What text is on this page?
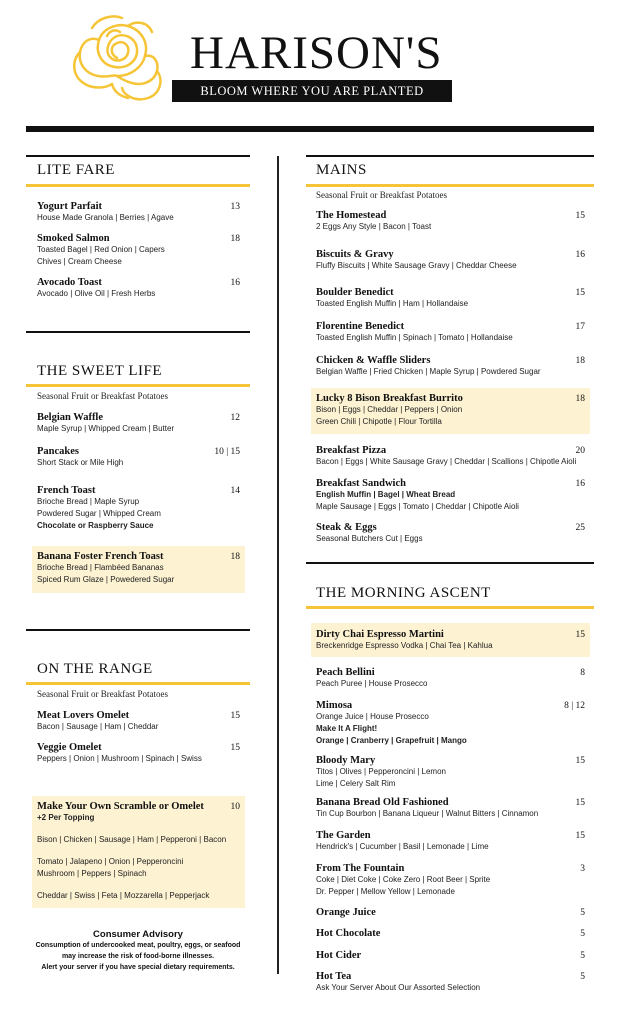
HARISON'S
BLOOM WHERE YOU ARE PLANTED
LITE FARE
Yogurt Parfait
House Made Granola | Berries | Agave
13
Smoked Salmon
Toasted Bagel | Red Onion | Capers
Chives | Cream Cheese
18
Avocado Toast
Avocado | Olive Oil | Fresh Herbs
16
THE SWEET LIFE
Seasonal Fruit or Breakfast Potatoes
Belgian Waffle
Maple Syrup | Whipped Cream | Butter
12
Pancakes
Short Stack or Mile High
10 | 15
French Toast
Brioche Bread | Maple Syrup
Powdered Sugar | Whipped Cream
Chocolate or Raspberry Sauce
14
Banana Foster French Toast
Brioche Bread | Flambéed Bananas
Spiced Rum Glaze | Powedered Sugar
18
ON THE RANGE
Seasonal Fruit or Breakfast Potatoes
Meat Lovers Omelet
Bacon | Sausage | Ham | Cheddar
15
Veggie Omelet
Peppers | Onion | Mushroom | Spinach | Swiss
15
Make Your Own Scramble or Omelet
+2 Per Topping
Bison | Chicken | Sausage | Ham | Pepperoni | Bacon
Tomato | Jalapeno | Onion | Pepperoncini
Mushroom | Peppers | Spinach
Cheddar | Swiss | Feta | Mozzarella | Pepperjack
10
Consumer Advisory
Consumption of undercooked meat, poultry, eggs, or seafood
may increase the risk of food-borne illnesses.
Alert your server if you have special dietary requirements.
MAINS
Seasonal Fruit or Breakfast Potatoes
The Homestead
2 Eggs Any Style | Bacon | Toast
15
Biscuits & Gravy
Fluffy Biscuits | White Sausage Gravy | Cheddar Cheese
16
Boulder Benedict
Toasted English Muffin | Ham | Hollandaise
15
Florentine Benedict
Toasted English Muffin | Spinach | Tomato | Hollandaise
17
Chicken & Waffle Sliders
Belgian Waffle | Fried Chicken | Maple Syrup | Powdered Sugar
18
Lucky 8 Bison Breakfast Burrito
Bison | Eggs | Cheddar | Peppers | Onion
Green Chili | Chipotle | Flour Tortilla
18
Breakfast Pizza
Bacon | Eggs | White Sausage Gravy | Cheddar | Scallions | Chipotle Aioli
20
Breakfast Sandwich
English Muffin | Bagel | Wheat Bread
Maple Sausage | Eggs | Tomato | Cheddar | Chipotle Aioli
16
Steak & Eggs
Seasonal Butchers Cut | Eggs
25
THE MORNING ASCENT
Dirty Chai Espresso Martini
Breckenridge Espresso Vodka | Chai Tea | Kahlua
15
Peach Bellini
Peach Puree | House Prosecco
8
Mimosa
Orange Juice | House Prosecco
Make It A Flight!
Orange | Cranberry | Grapefruit | Mango
8 | 12
Bloody Mary
Titos | Olives | Pepperoncini | Lemon
Lime | Celery Salt Rim
15
Banana Bread Old Fashioned
Tin Cup Bourbon | Banana Liqueur | Walnut Bitters | Cinnamon
15
The Garden
Hendrick's | Cucumber | Basil | Lemonade | Lime
15
From The Fountain
Coke | Diet Coke | Coke Zero | Root Beer | Sprite
Dr. Pepper | Mellow Yellow | Lemonade
3
Orange Juice	5
Hot Chocolate	5
Hot Cider	5
Hot Tea
Ask Your Server About Our Assorted Selection
5
